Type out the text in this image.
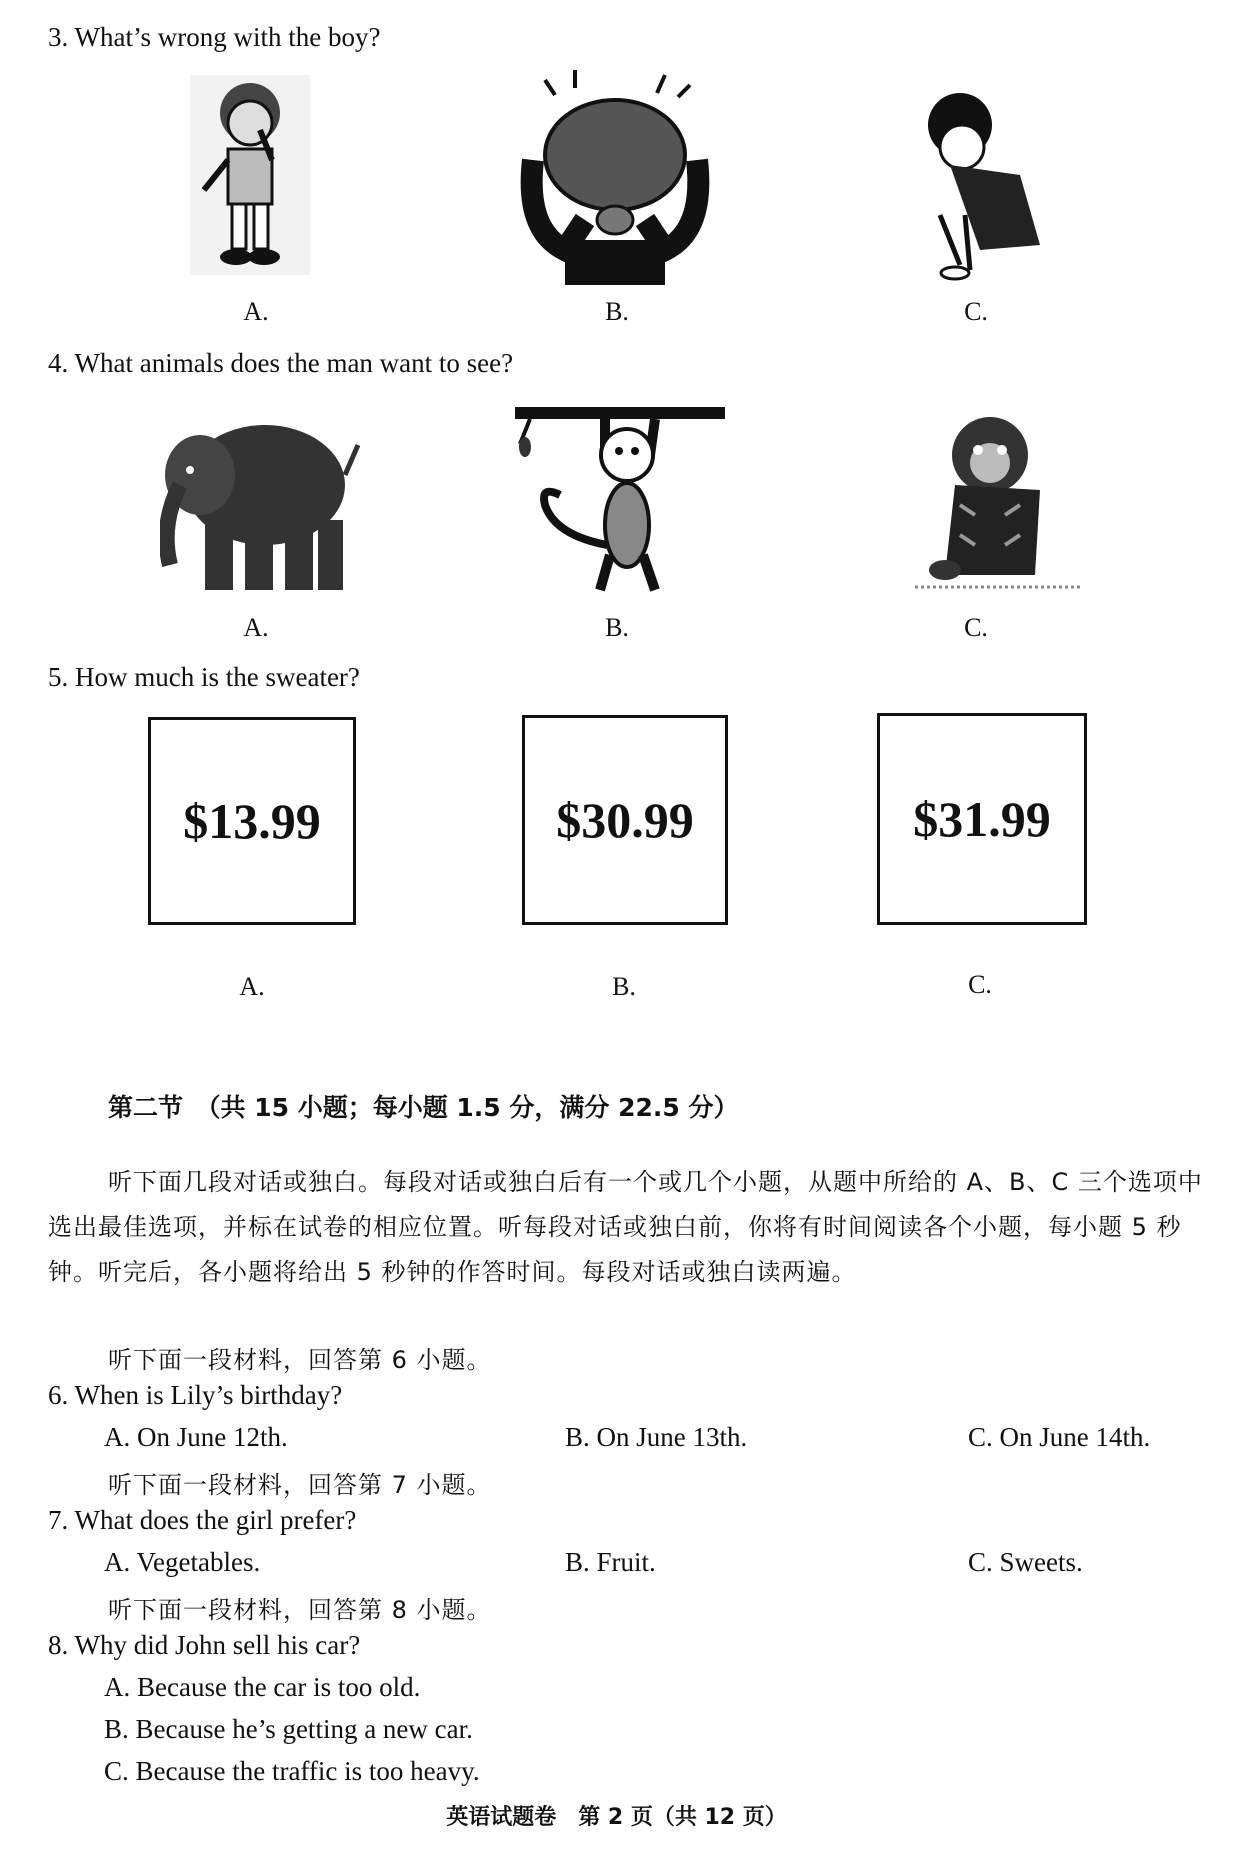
3. What’s wrong with the boy?
A.	B.	C.
4. What animals does the man want to see?
A.	B.	C.
5. How much is the sweater?
$13.99	$30.99	$31.99
A.	B.	C.
第二节　（共 15 小题；每小题 1.5 分，满分 22.5 分）
听下面几段对话或独白。每段对话或独白后有一个或几个小题，从题中所给的 A、B、C 三个选项中选出最佳选项，并标在试卷的相应位置。听每段对话或独白前，你将有时间阅读各个小题，每小题 5 秒钟。听完后，各小题将给出 5 秒钟的作答时间。每段对话或独白读两遍。
听下面一段材料，回答第 6 小题。
6. When is Lily’s birthday?
A. On June 12th.	B. On June 13th.	C. On June 14th.
听下面一段材料，回答第 7 小题。
7. What does the girl prefer?
A. Vegetables.	B. Fruit.	C. Sweets.
听下面一段材料，回答第 8 小题。
8. Why did John sell his car?
A. Because the car is too old.
B. Because he’s getting a new car.
C. Because the traffic is too heavy.
英语试题卷　第 2 页（共 12 页）
